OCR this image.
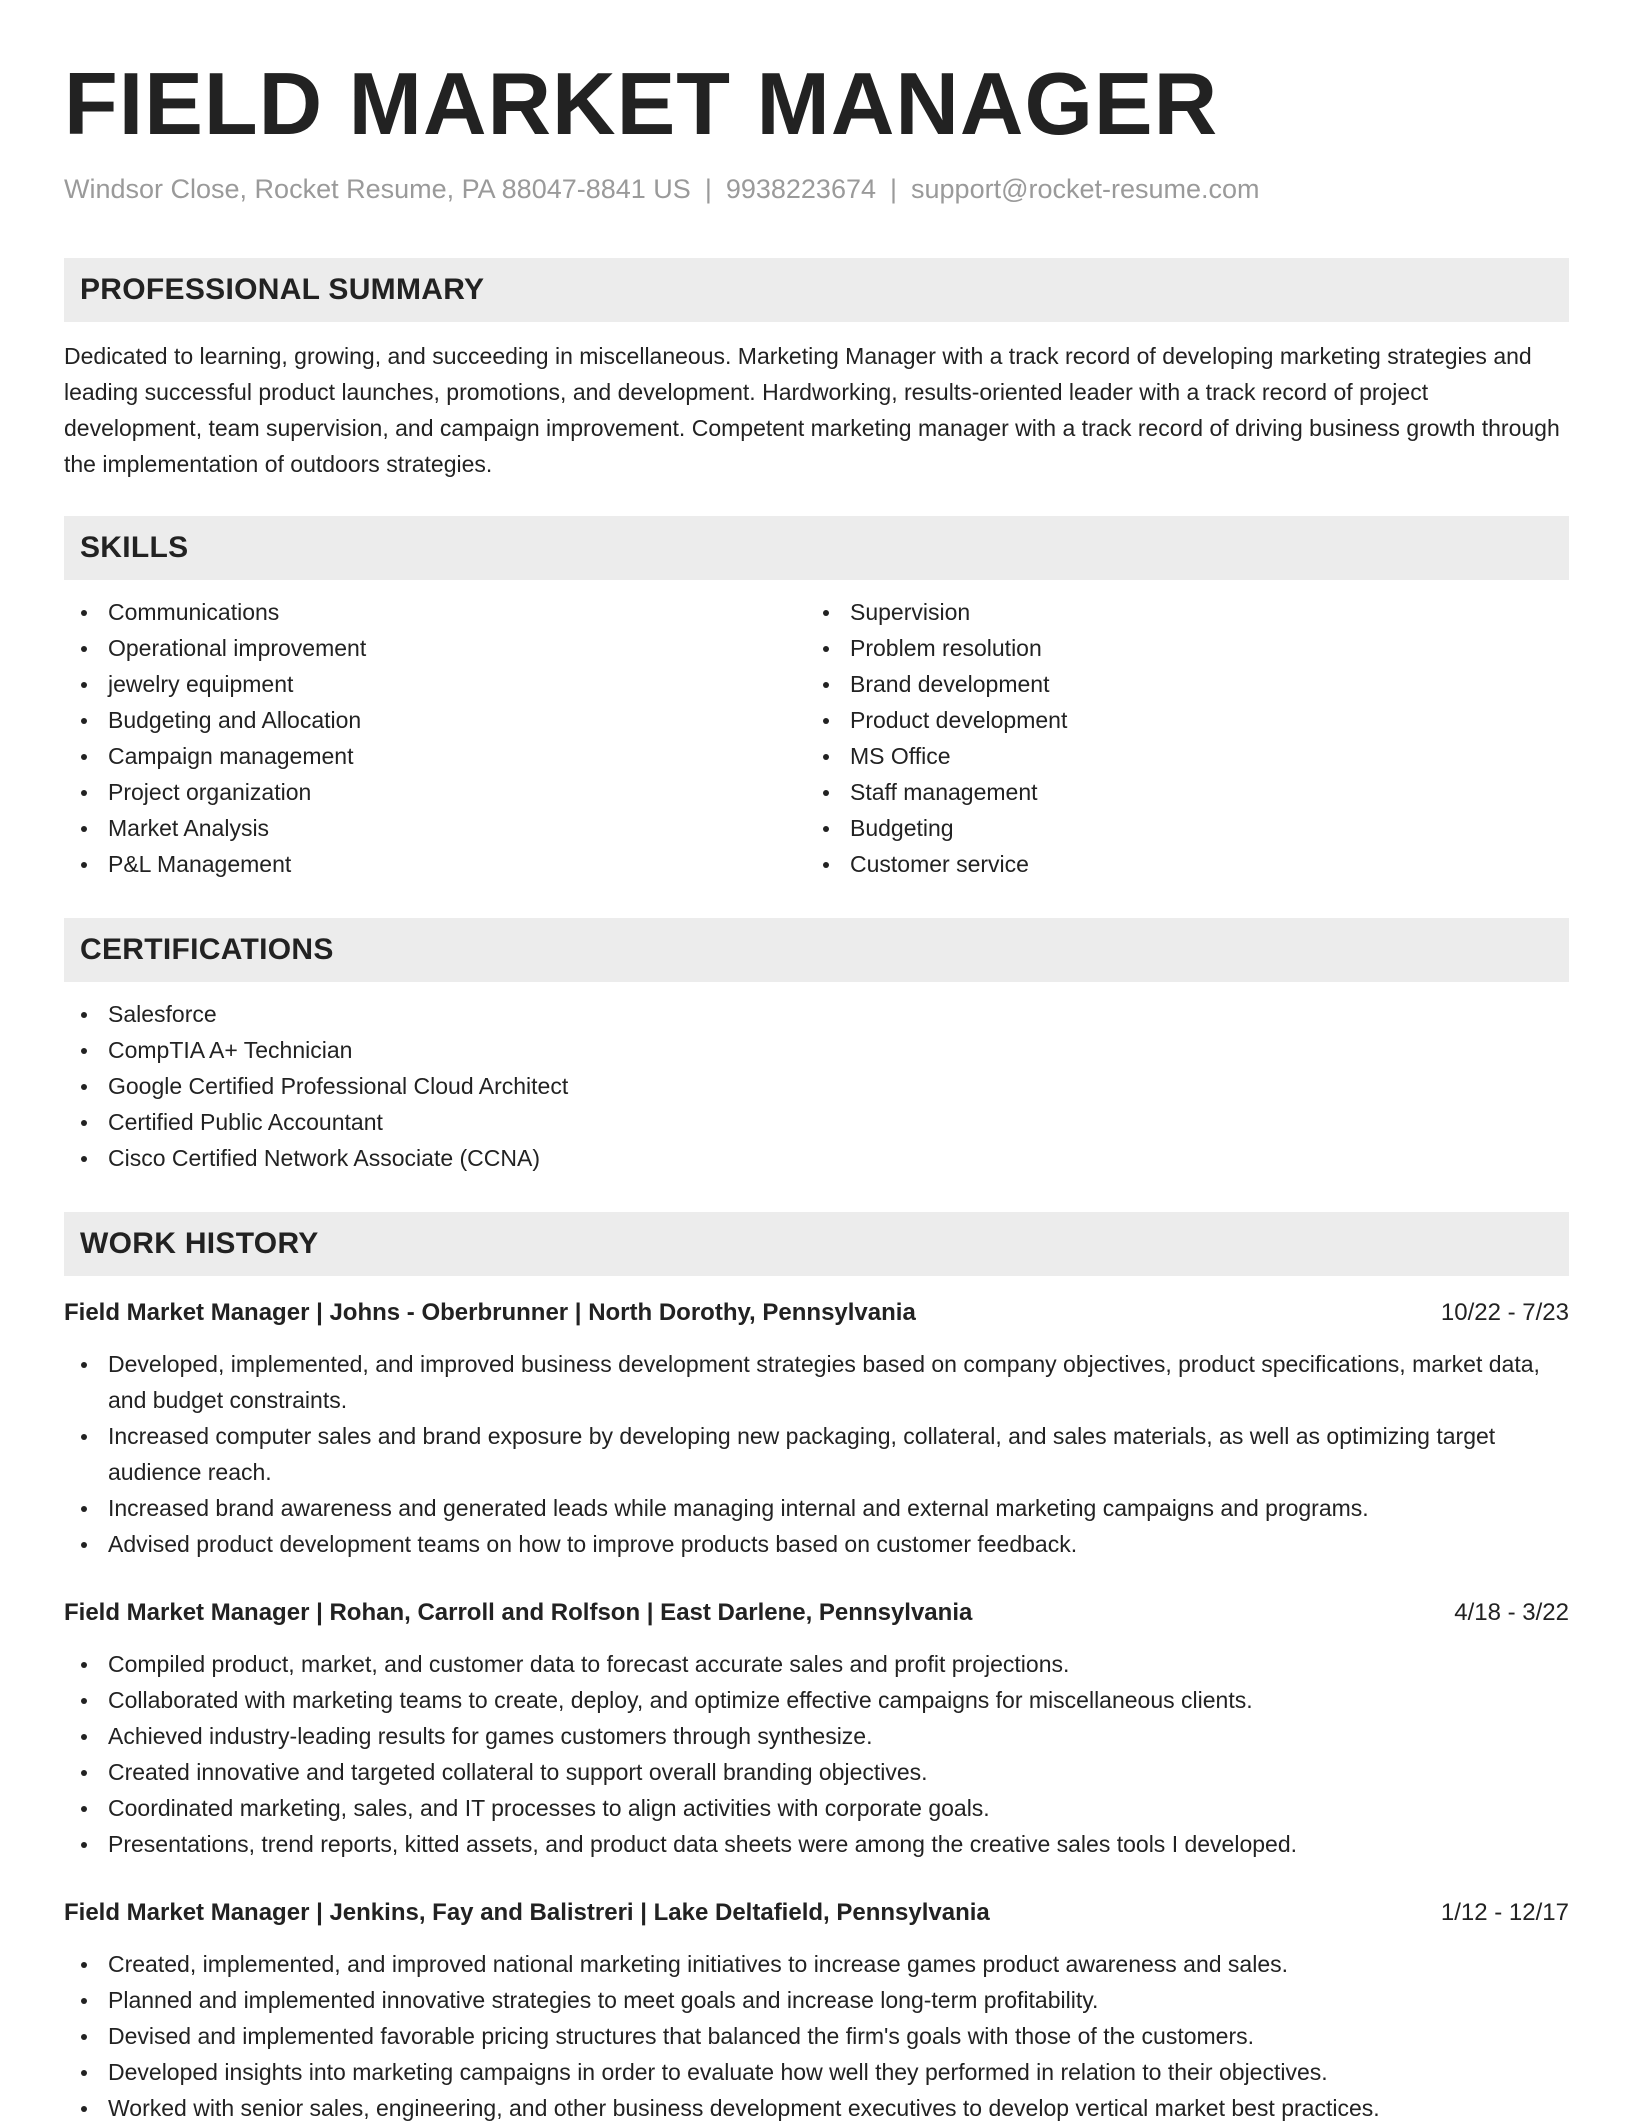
FIELD MARKET MANAGER
Windsor Close, Rocket Resume, PA 88047-8841 US | 9938223674 | support@rocket-resume.com
PROFESSIONAL SUMMARY

Dedicated to learning, growing, and succeeding in miscellaneous. Marketing Manager with a track record of developing marketing strategies and leading successful product launches, promotions, and development. Hardworking, results-oriented leader with a track record of project development, team supervision, and campaign improvement. Competent marketing manager with a track record of driving business growth through the implementation of outdoors strategies.

SKILLS
Communications
Operational improvement
jewelry equipment
Budgeting and Allocation
Campaign management
Project organization
Market Analysis
P&L Management
Supervision
Problem resolution
Brand development
Product development
MS Office
Staff management
Budgeting
Customer service
CERTIFICATIONS
Salesforce
CompTIA A+ Technician
Google Certified Professional Cloud Architect
Certified Public Accountant
Cisco Certified Network Associate (CCNA)
WORK HISTORY
Field Market Manager | Johns - Oberbrunner | North Dorothy, Pennsylvania	10/22 - 7/23
Developed, implemented, and improved business development strategies based on company objectives, product specifications, market data, and budget constraints.
Increased computer sales and brand exposure by developing new packaging, collateral, and sales materials, as well as optimizing target audience reach.
Increased brand awareness and generated leads while managing internal and external marketing campaigns and programs.
Advised product development teams on how to improve products based on customer feedback.
Field Market Manager | Rohan, Carroll and Rolfson | East Darlene, Pennsylvania	4/18 - 3/22
Compiled product, market, and customer data to forecast accurate sales and profit projections.
Collaborated with marketing teams to create, deploy, and optimize effective campaigns for miscellaneous clients.
Achieved industry-leading results for games customers through synthesize.
Created innovative and targeted collateral to support overall branding objectives.
Coordinated marketing, sales, and IT processes to align activities with corporate goals.
Presentations, trend reports, kitted assets, and product data sheets were among the creative sales tools I developed.
Field Market Manager | Jenkins, Fay and Balistreri | Lake Deltafield, Pennsylvania	1/12 - 12/17
Created, implemented, and improved national marketing initiatives to increase games product awareness and sales.
Planned and implemented innovative strategies to meet goals and increase long-term profitability.
Devised and implemented favorable pricing structures that balanced the firm's goals with those of the customers.
Developed insights into marketing campaigns in order to evaluate how well they performed in relation to their objectives.
Worked with senior sales, engineering, and other business development executives to develop vertical market best practices.
